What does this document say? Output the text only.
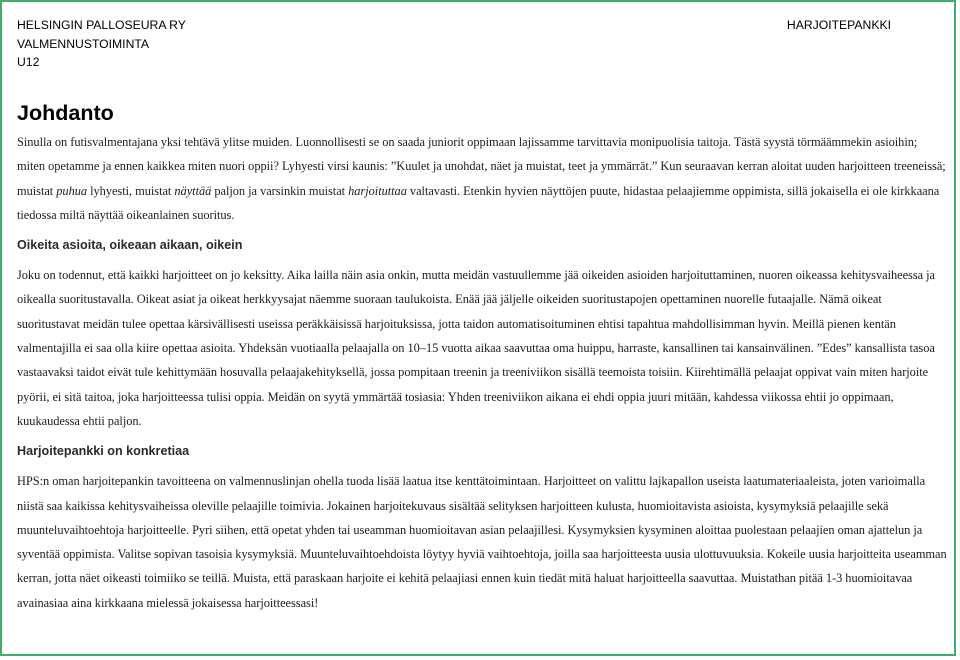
HELSINGIN PALLOSEURA RY
VALMENNUSTOIMINTA
U12
HARJOITEPANKKI
Johdanto

Sinulla on futisvalmentajana yksi tehtävä ylitse muiden. Luonnollisesti se on saada juniorit oppimaan lajissamme tarvittavia monipuolisia taitoja. Tästä syystä törmäämmekin asioihin; miten opetamme ja ennen kaikkea miten nuori oppii? Lyhyesti virsi kaunis: ”Kuulet ja unohdat, näet ja muistat, teet ja ymmärrät.” Kun seuraavan kerran aloitat uuden harjoitteen treeneissä; muistat puhua lyhyesti, muistat näyttää paljon ja varsinkin muistat harjoituttaa valtavasti. Etenkin hyvien näyttöjen puute, hidastaa pelaajiemme oppimista, sillä jokaisella ei ole kirkkaana tiedossa miltä näyttää oikeanlainen suoritus.

Oikeita asioita, oikeaan aikaan, oikein

Joku on todennut, että kaikki harjoitteet on jo keksitty. Aika lailla näin asia onkin, mutta meidän vastuullemme jää oikeiden asioiden harjoituttaminen, nuoren oikeassa kehitysvaiheessa ja oikealla suoritustavalla. Oikeat asiat ja oikeat herkkyysajat näemme suoraan taulukoista. Enää jää jäljelle oikeiden suoritustapojen opettaminen nuorelle futaajalle. Nämä oikeat suoritustavat meidän tulee opettaa kärsivällisesti useissa peräkkäisissä harjoituksissa, jotta taidon automatisoituminen ehtisi tapahtua mahdollisimman hyvin. Meillä pienen kentän valmentajilla ei saa olla kiire opettaa asioita. Yhdeksän vuotiaalla pelaajalla on 10–15 vuotta aikaa saavuttaa oma huippu, harraste, kansallinen tai kansainvälinen. ”Edes” kansallista tasoa vastaavaksi taidot eivät tule kehittymään hosuvalla pelaajakehityksellä, jossa pompitaan treenin ja treeniviikon sisällä teemoista toisiin. Kiirehtimällä pelaajat oppivat vain miten harjoite pyörii, ei sitä taitoa, joka harjoitteessa tulisi oppia. Meidän on syytä ymmärtää tosiasia: Yhden treeniviikon aikana ei ehdi oppia juuri mitään, kahdessa viikossa ehtii jo oppimaan, kuukaudessa ehtii paljon.

Harjoitepankki on konkretiaa

HPS:n oman harjoitepankin tavoitteena on valmennuslinjan ohella tuoda lisää laatua itse kenttätoimintaan. Harjoitteet on valittu lajkapallon useista laatumateriaaleista, joten varioimalla niistä saa kaikissa kehitysvaiheissa oleville pelaajille toimivia. Jokainen harjoitekuvaus sisältää selityksen harjoitteen kulusta, huomioitavista asioista, kysymyksiä pelaajille sekä muunteluvaihtoehtoja harjoitteelle. Pyri siihen, että opetat yhden tai useamman huomioitavan asian pelaajillesi. Kysymyksien kysyminen aloittaa puolestaan pelaajien oman ajattelun ja syventää oppimista. Valitse sopivan tasoisia kysymyksiä. Muunteluvaihtoehdoista löytyy hyviä vaihtoehtoja, joilla saa harjoitteesta uusia ulottuvuuksia. Kokeile uusia harjoitteita useamman kerran, jotta näet oikeasti toimiiko se teillä. Muista, että paraskaan harjoite ei kehitä pelaajiasi ennen kuin tiedät mitä haluat harjoitteella saavuttaa. Muistathan pitää 1-3 huomioitavaa avainasiaa aina kirkkaana mielessä jokaisessa harjoitteessasi!
